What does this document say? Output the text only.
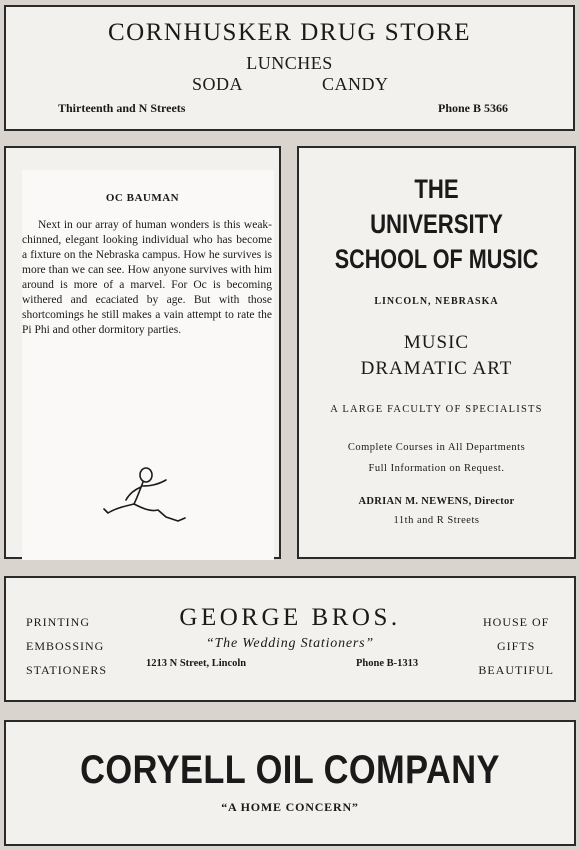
CORNHUSKER DRUG STORE
LUNCHES
SODA	CANDY
Thirteenth and N Streets	Phone B 5366
OC BAUMAN
Next in our array of human wonders is this weak-chinned, elegant looking individual who has become a fixture on the Nebraska campus. How he survives is more than we can see. How anyone survives with him around is more of a marvel. For Oc is becoming withered and ecaciated by age. But with those shortcomings he still makes a vain attempt to rate the Pi Phi and other dormitory parties.
THE
UNIVERSITY
SCHOOL OF MUSIC
LINCOLN, NEBRASKA
MUSIC
DRAMATIC ART
A LARGE FACULTY OF SPECIALISTS
Complete Courses in All Departments
Full Information on Request.
ADRIAN M. NEWENS, Director
11th and R Streets
PRINTING
EMBOSSING
STATIONERS
GEORGE BROS.
“The Wedding Stationers”
1213 N Street, Lincoln	Phone B-1313
HOUSE OF
GIFTS
BEAUTIFUL
CORYELL OIL COMPANY
“A HOME CONCERN”
